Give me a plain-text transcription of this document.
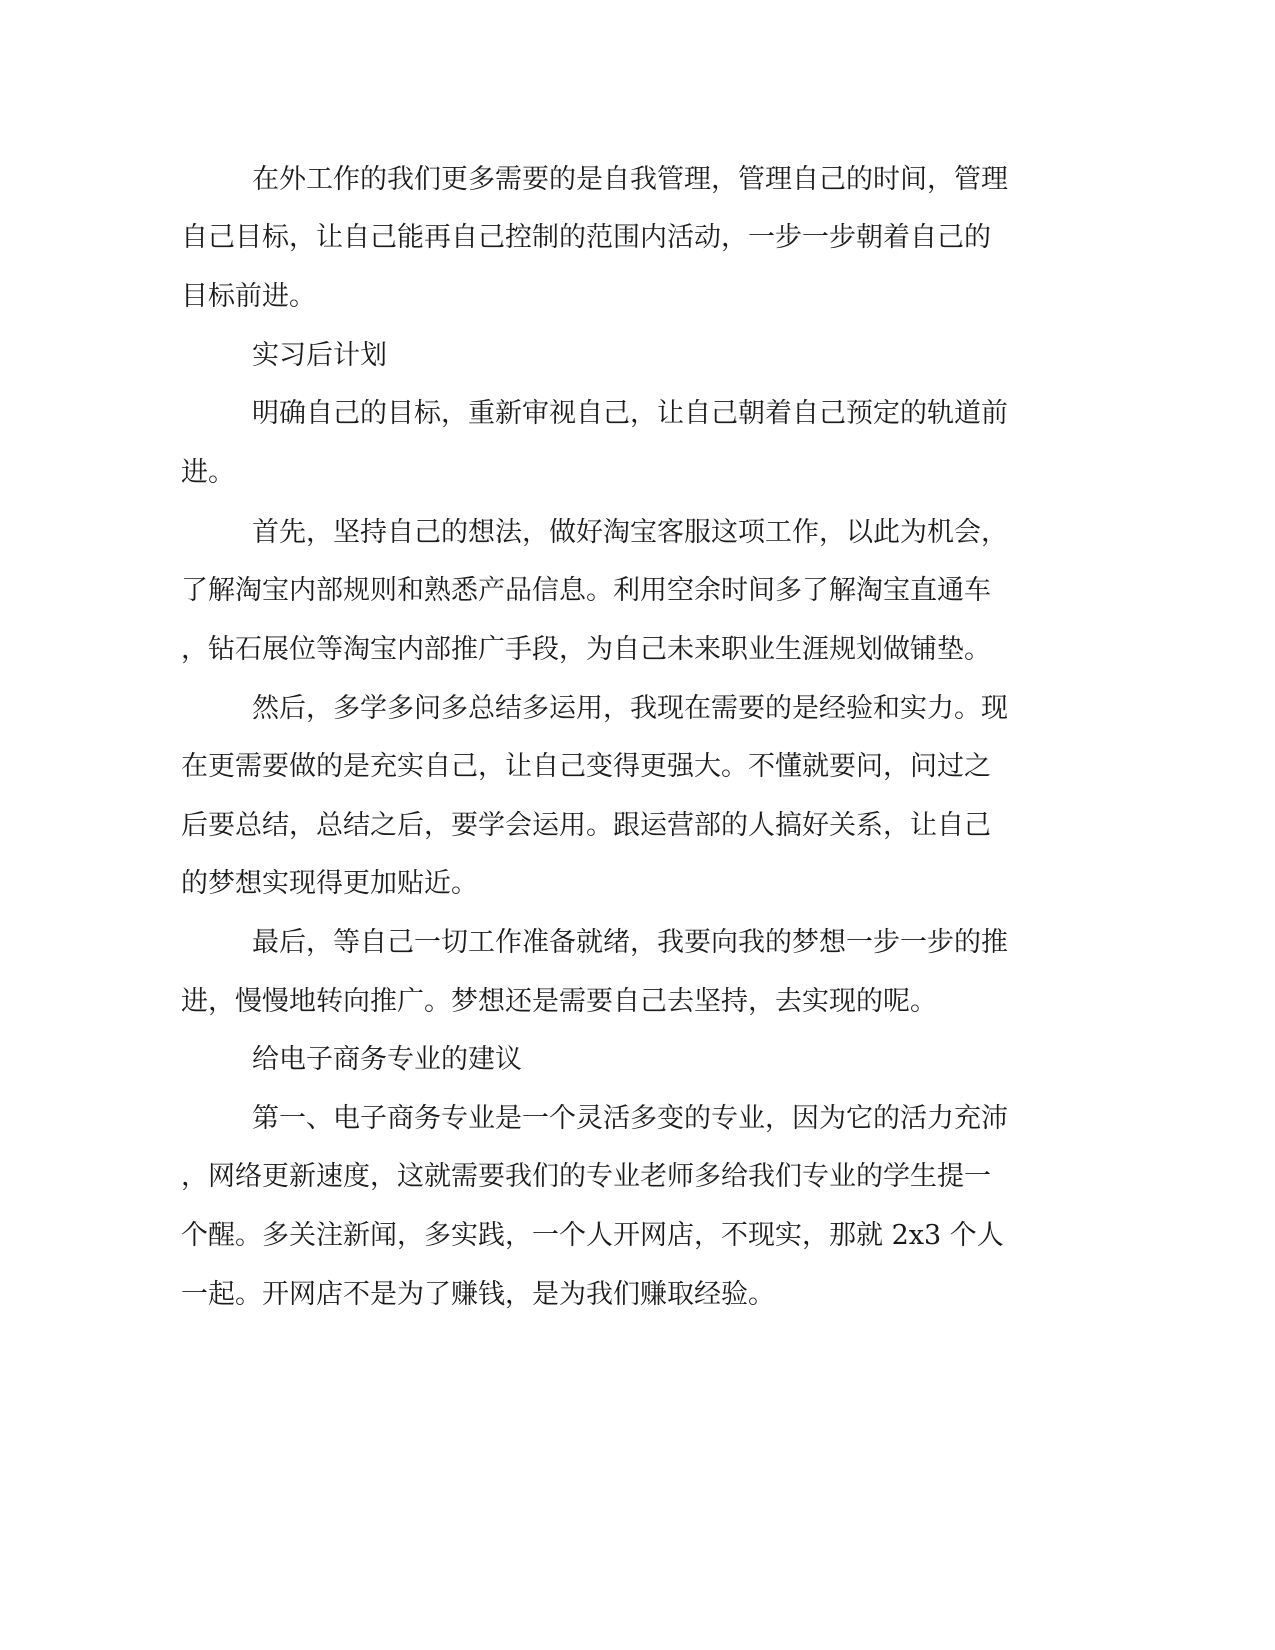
在外工作的我们更多需要的是自我管理，管理自己的时间，管理

自己目标，让自己能再自己控制的范围内活动，一步一步朝着自己的

目标前进。

实习后计划

明确自己的目标，重新审视自己，让自己朝着自己预定的轨道前

进。

首先，坚持自己的想法，做好淘宝客服这项工作，以此为机会，

了解淘宝内部规则和熟悉产品信息。利用空余时间多了解淘宝直通车

，钻石展位等淘宝内部推广手段，为自己未来职业生涯规划做铺垫。

然后，多学多问多总结多运用，我现在需要的是经验和实力。现

在更需要做的是充实自己，让自己变得更强大。不懂就要问，问过之

后要总结，总结之后，要学会运用。跟运营部的人搞好关系，让自己

的梦想实现得更加贴近。

最后，等自己一切工作准备就绪，我要向我的梦想一步一步的推

进，慢慢地转向推广。梦想还是需要自己去坚持，去实现的呢。

给电子商务专业的建议

第一、电子商务专业是一个灵活多变的专业，因为它的活力充沛

，网络更新速度，这就需要我们的专业老师多给我们专业的学生提一

个醒。多关注新闻，多实践，一个人开网店，不现实，那就 2x3 个人

一起。开网店不是为了赚钱，是为我们赚取经验。
